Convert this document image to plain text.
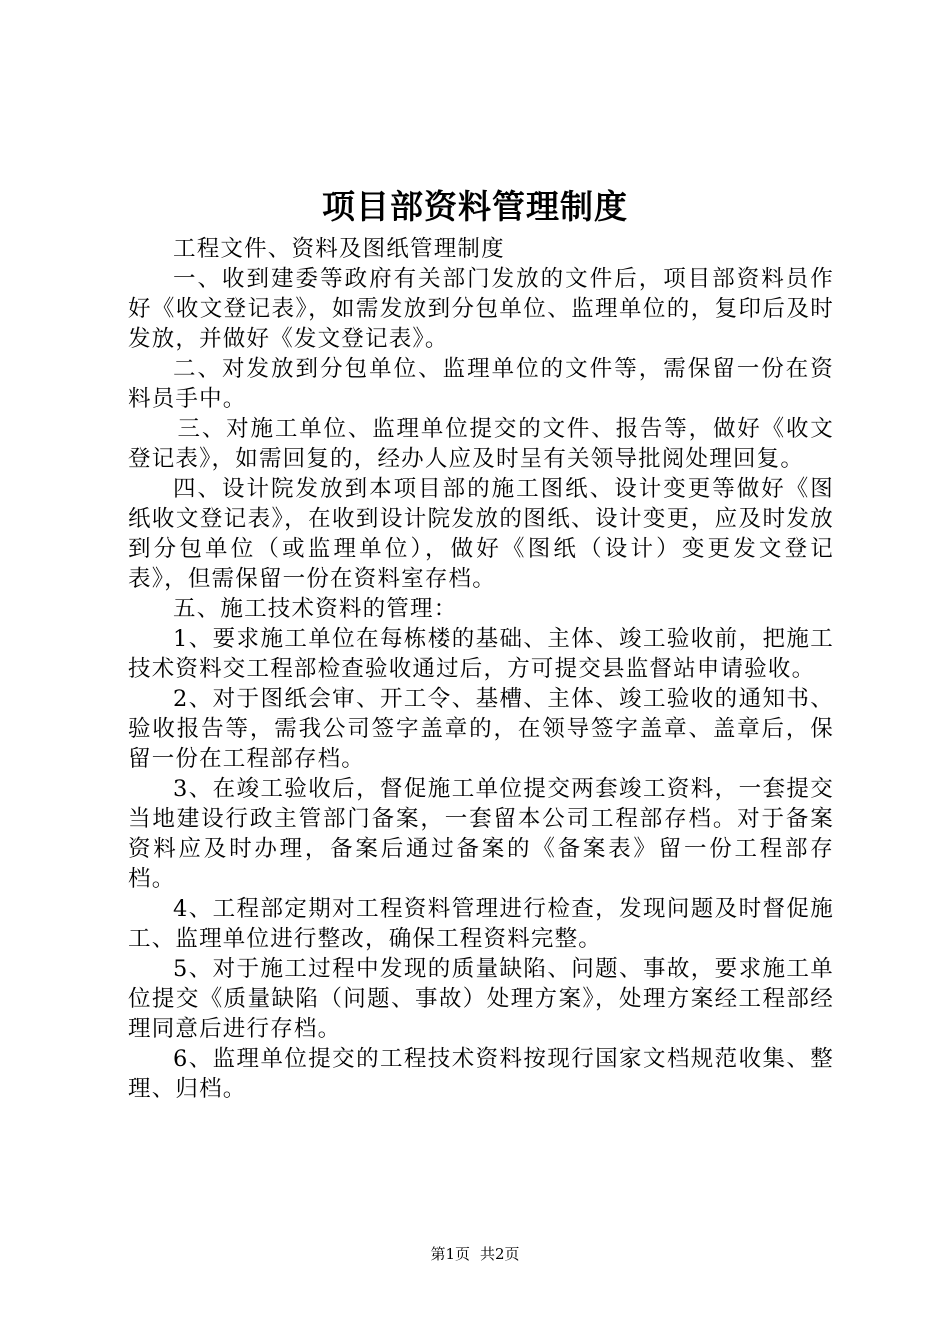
项目部资料管理制度

工程文件、资料及图纸管理制度

一、收到建委等政府有关部门发放的文件后，项目部资料员作好《收文登记表》，如需发放到分包单位、监理单位的，复印后及时发放，并做好《发文登记表》。

二、对发放到分包单位、监理单位的文件等，需保留一份在资料员手中。

三、对施工单位、监理单位提交的文件、报告等，做好《收文登记表》，如需回复的，经办人应及时呈有关领导批阅处理回复。

四、设计院发放到本项目部的施工图纸、设计变更等做好《图纸收文登记表》，在收到设计院发放的图纸、设计变更，应及时发放到分包单位（或监理单位），做好《图纸（设计）变更发文登记表》，但需保留一份在资料室存档。

五、施工技术资料的管理：

1、要求施工单位在每栋楼的基础、主体、竣工验收前，把施工技术资料交工程部检查验收通过后，方可提交县监督站申请验收。

2、对于图纸会审、开工令、基槽、主体、竣工验收的通知书、验收报告等，需我公司签字盖章的，在领导签字盖章、盖章后，保留一份在工程部存档。

3、在竣工验收后，督促施工单位提交两套竣工资料，一套提交当地建设行政主管部门备案，一套留本公司工程部存档。对于备案资料应及时办理，备案后通过备案的《备案表》留一份工程部存档。

4、工程部定期对工程资料管理进行检查，发现问题及时督促施工、监理单位进行整改，确保工程资料完整。

5、对于施工过程中发现的质量缺陷、问题、事故，要求施工单位提交《质量缺陷（问题、事故）处理方案》，处理方案经工程部经理同意后进行存档。

6、监理单位提交的工程技术资料按现行国家文档规范收集、整理、归档。

第1页 共2页
